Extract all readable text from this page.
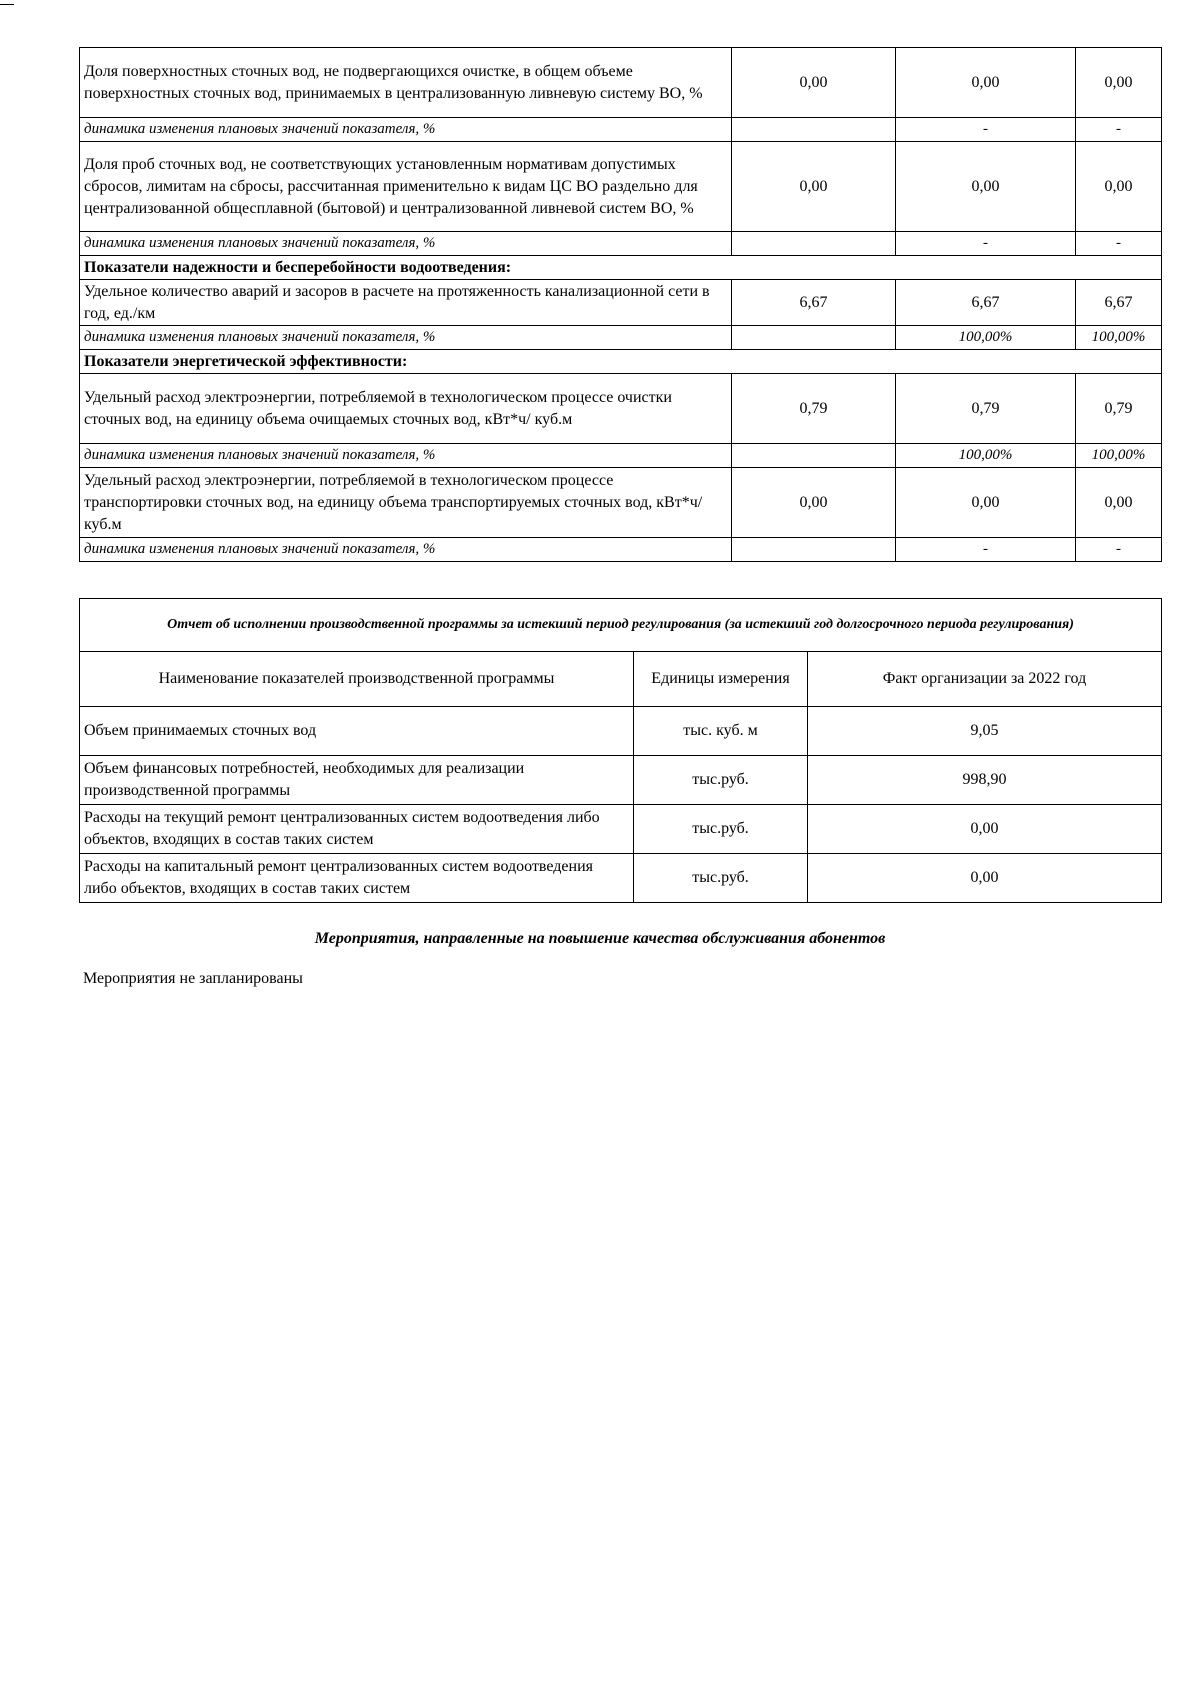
Доля поверхностных сточных вод, не подвергающихся очистке, в общем объеме поверхностных сточных вод, принимаемых в централизованную ливневую систему ВО, %	0,00	0,00	0,00
динамика изменения плановых значений показателя, %		-	-
Доля проб сточных вод, не соответствующих установленным нормативам допустимых сбросов, лимитам на сбросы, рассчитанная применительно к видам ЦС ВО раздельно для централизованной общесплавной (бытовой) и централизованной ливневой систем ВО, %	0,00	0,00	0,00
динамика изменения плановых значений показателя, %		-	-
Показатели надежности и бесперебойности водоотведения:			
Удельное количество аварий и засоров в расчете на протяженность канализационной сети в год, ед./км	6,67	6,67	6,67
динамика изменения плановых значений показателя, %		100,00%	100,00%
Показатели энергетической эффективности:			
Удельный расход электроэнергии, потребляемой в технологическом процессе очистки сточных вод, на единицу объема очищаемых сточных вод, кВт*ч/ куб.м	0,79	0,79	0,79
динамика изменения плановых значений показателя, %		100,00%	100,00%
Удельный расход электроэнергии, потребляемой в технологическом процессе транспортировки сточных вод, на единицу объема транспортируемых сточных вод, кВт*ч/ куб.м	0,00	0,00	0,00
динамика изменения плановых значений показателя, %		-	-
Отчет об исполнении производственной программы за истекший период регулирования (за истекший год долгосрочного периода регулирования)		
Наименование показателей производственной программы	Единицы измерения	Факт организации за 2022 год
Объем принимаемых сточных вод	тыс. куб. м	9,05
Объем финансовых потребностей, необходимых для реализации производственной программы	тыс.руб.	998,90
Расходы на текущий ремонт централизованных систем водоотведения либо объектов, входящих в состав таких систем	тыс.руб.	0,00
Расходы на капитальный ремонт централизованных систем водоотведения либо объектов, входящих в состав таких систем	тыс.руб.	0,00
Мероприятия, направленные на повышение качества обслуживания абонентов
Мероприятия не запланированы
